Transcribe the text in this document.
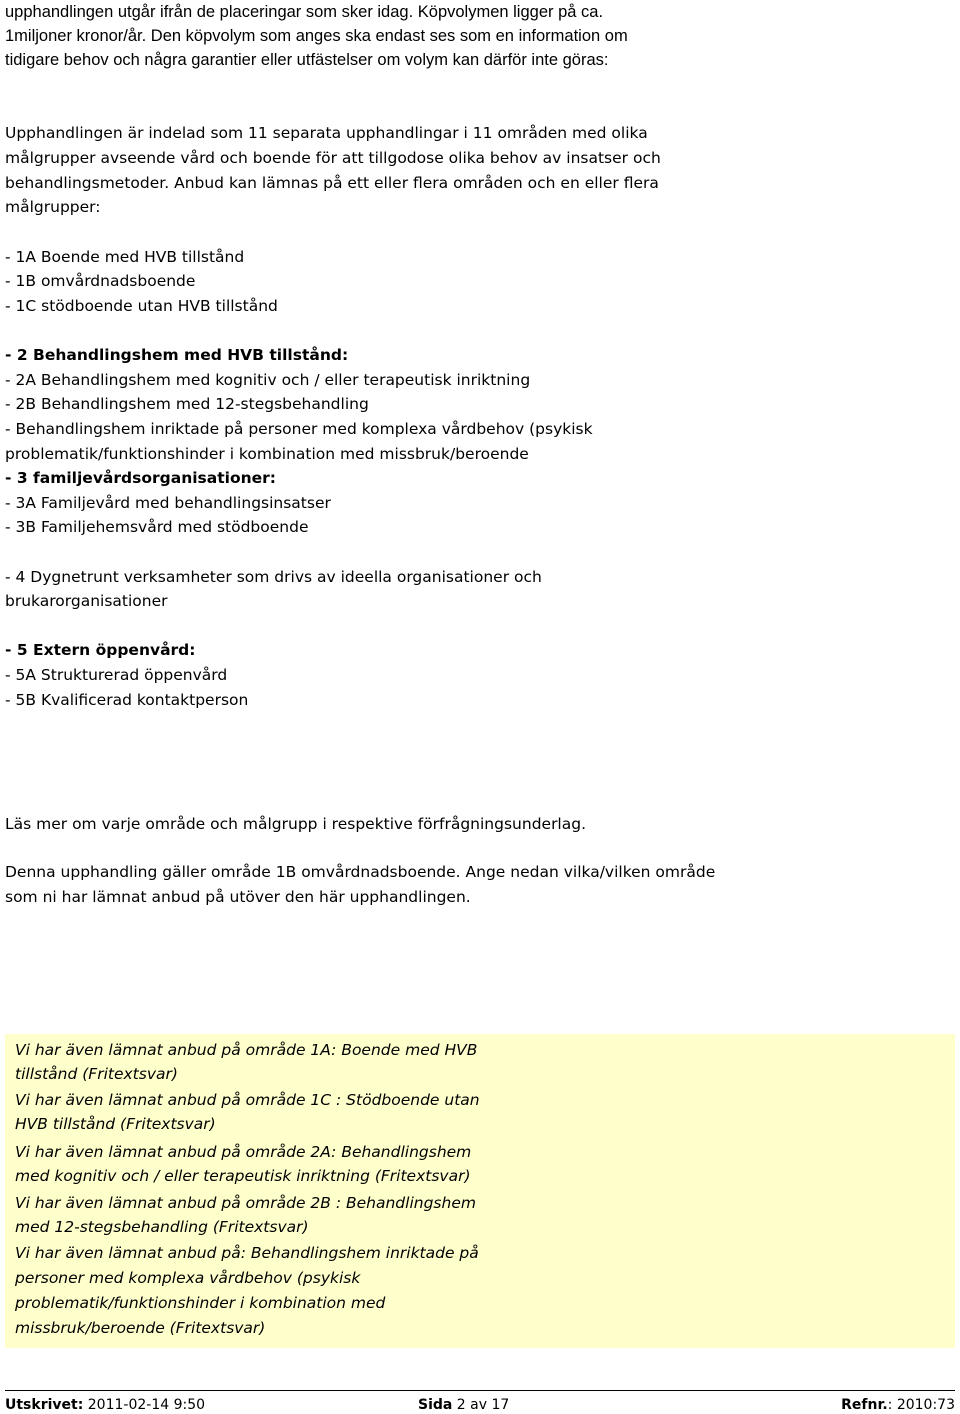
upphandlingen utgår ifrån de placeringar som sker idag. Köpvolymen ligger på ca.
1miljoner kronor/år. Den köpvolym som anges ska endast ses som en information om
tidigare behov och några garantier eller utfästelser om volym kan därför inte göras:
Upphandlingen är indelad som 11 separata upphandlingar i 11 områden med olika
målgrupper avseende vård och boende för att tillgodose olika behov av insatser och
behandlingsmetoder. Anbud kan lämnas på ett eller flera områden och en eller flera
målgrupper:
- 1A Boende med HVB tillstånd
- 1B omvårdnadsboende
- 1C stödboende utan HVB tillstånd
- 2 Behandlingshem med HVB tillstånd:
- 2A Behandlingshem med kognitiv och / eller terapeutisk inriktning
- 2B Behandlingshem med 12-stegsbehandling
- Behandlingshem inriktade på personer med komplexa vårdbehov (psykisk
problematik/funktionshinder i kombination med missbruk/beroende
- 3 familjevårdsorganisationer:
- 3A Familjevård med behandlingsinsatser
- 3B Familjehemsvård med stödboende
- 4 Dygnetrunt verksamheter som drivs av ideella organisationer och
brukarorganisationer
- 5 Extern öppenvård:
- 5A Strukturerad öppenvård
- 5B Kvalificerad kontaktperson
Läs mer om varje område och målgrupp i respektive förfrågningsunderlag.
Denna upphandling gäller område 1B omvårdnadsboende. Ange nedan vilka/vilken område
som ni har lämnat anbud på utöver den här upphandlingen.
Vi har även lämnat anbud på område 1A: Boende med HVB
tillstånd (Fritextsvar)
Vi har även lämnat anbud på område 1C : Stödboende utan
HVB tillstånd (Fritextsvar)
Vi har även lämnat anbud på område 2A: Behandlingshem
med kognitiv och / eller terapeutisk inriktning (Fritextsvar)
Vi har även lämnat anbud på område 2B : Behandlingshem
med 12-stegsbehandling (Fritextsvar)
Vi har även lämnat anbud på: Behandlingshem inriktade på
personer med komplexa vårdbehov (psykisk
problematik/funktionshinder i kombination med
missbruk/beroende (Fritextsvar)
Utskrivet: 2011-02-14 9:50	Sida 2 av 17	Refnr.: 2010:73
